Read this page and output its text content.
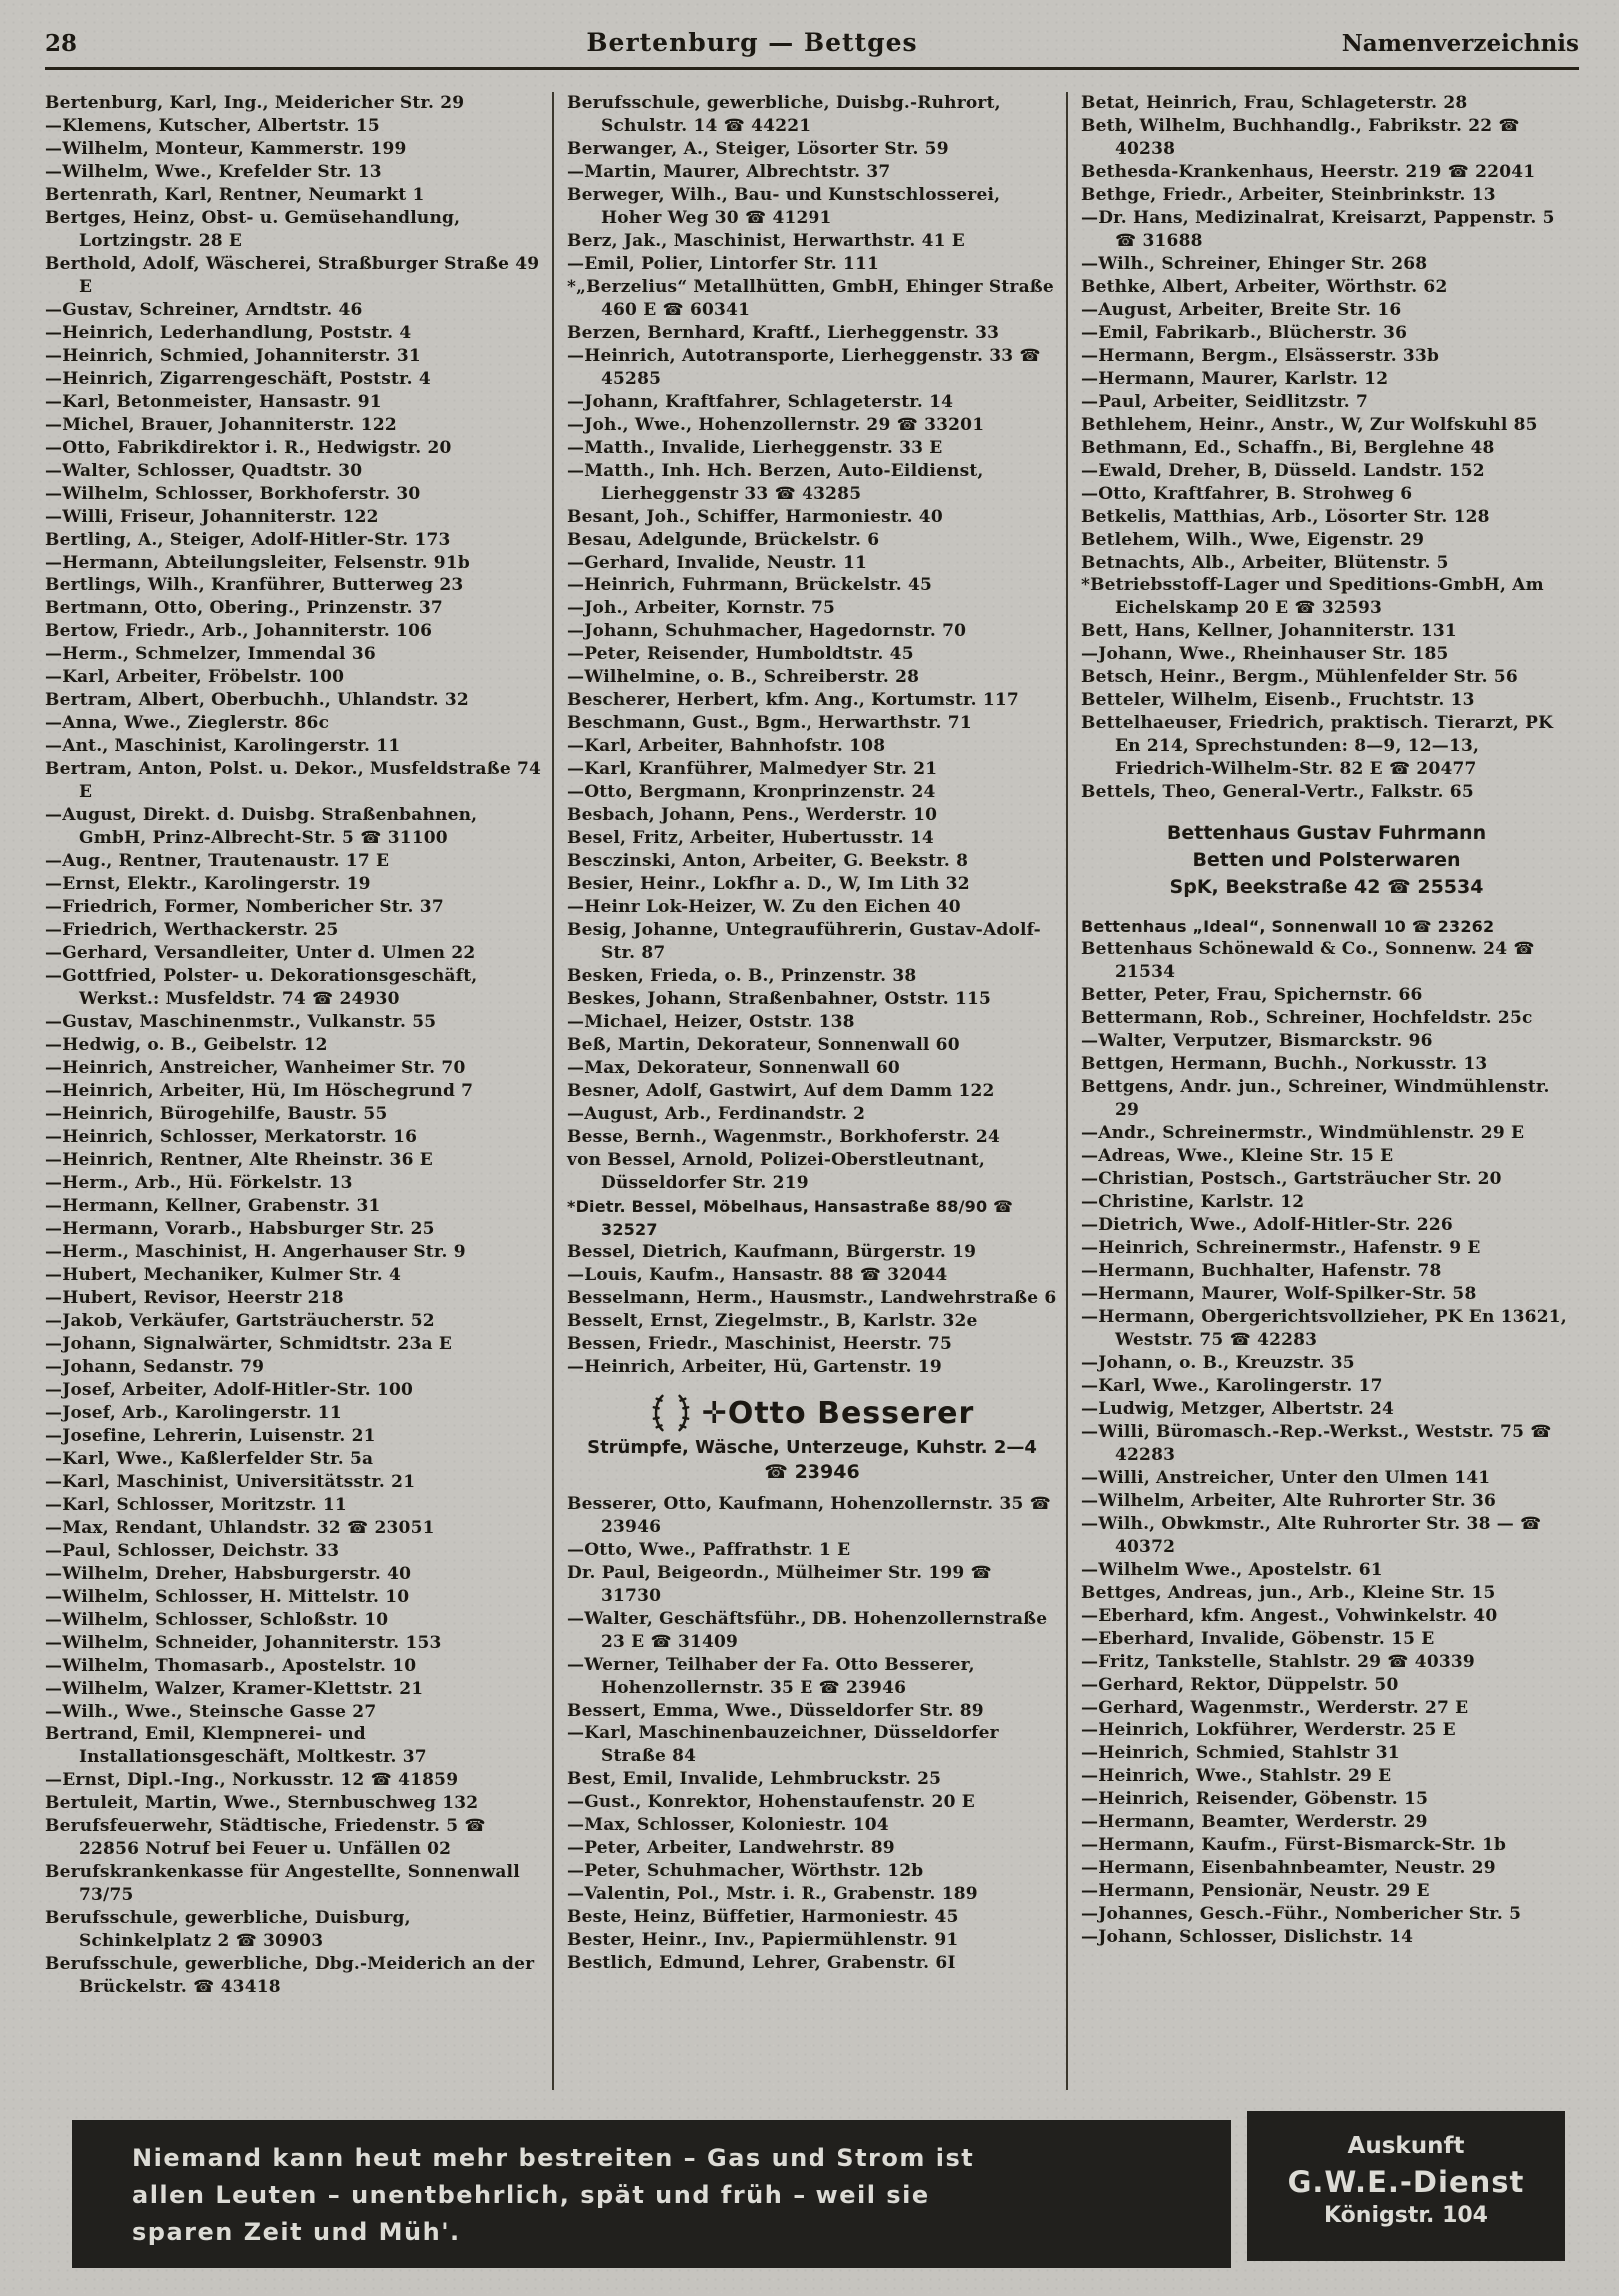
28	Bertenburg — Bettges	Namenverzeichnis
Bertenburg, Karl, Ing., Meidericher Str. 29
—Klemens, Kutscher, Albertstr. 15
—Wilhelm, Monteur, Kammerstr. 199
—Wilhelm, Wwe., Krefelder Str. 13
Bertenrath, Karl, Rentner, Neumarkt 1
Bertges, Heinz, Obst- u. Gemüsehandlung, Lortzingstr. 28 E
Berthold, Adolf, Wäscherei, Straßburger Straße 49 E
—Gustav, Schreiner, Arndtstr. 46
—Heinrich, Lederhandlung, Poststr. 4
—Heinrich, Schmied, Johanniterstr. 31
—Heinrich, Zigarrengeschäft, Poststr. 4
—Karl, Betonmeister, Hansastr. 91
—Michel, Brauer, Johanniterstr. 122
—Otto, Fabrikdirektor i. R., Hedwigstr. 20
—Walter, Schlosser, Quadtstr. 30
—Wilhelm, Schlosser, Borkhoferstr. 30
—Willi, Friseur, Johanniterstr. 122
Bertling, A., Steiger, Adolf-Hitler-Str. 173
—Hermann, Abteilungsleiter, Felsenstr. 91b
Bertlings, Wilh., Kranführer, Butterweg 23
Bertmann, Otto, Obering., Prinzenstr. 37
Bertow, Friedr., Arb., Johanniterstr. 106
—Herm., Schmelzer, Immendal 36
—Karl, Arbeiter, Fröbelstr. 100
Bertram, Albert, Oberbuchh., Uhlandstr. 32
—Anna, Wwe., Zieglerstr. 86c
—Ant., Maschinist, Karolingerstr. 11
Bertram, Anton, Polst. u. Dekor., Musfeldstraße 74 E
—August, Direkt. d. Duisbg. Straßenbahnen, GmbH, Prinz-Albrecht-Str. 5 ☎ 31100
—Aug., Rentner, Trautenaustr. 17 E
—Ernst, Elektr., Karolingerstr. 19
—Friedrich, Former, Nombericher Str. 37
—Friedrich, Werthackerstr. 25
—Gerhard, Versandleiter, Unter d. Ulmen 22
—Gottfried, Polster- u. Dekorationsgeschäft, Werkst.: Musfeldstr. 74 ☎ 24930
—Gustav, Maschinenmstr., Vulkanstr. 55
—Hedwig, o. B., Geibelstr. 12
—Heinrich, Anstreicher, Wanheimer Str. 70
—Heinrich, Arbeiter, Hü, Im Höschegrund 7
—Heinrich, Bürogehilfe, Baustr. 55
—Heinrich, Schlosser, Merkatorstr. 16
—Heinrich, Rentner, Alte Rheinstr. 36 E
—Herm., Arb., Hü. Förkelstr. 13
—Hermann, Kellner, Grabenstr. 31
—Hermann, Vorarb., Habsburger Str. 25
—Herm., Maschinist, H. Angerhauser Str. 9
—Hubert, Mechaniker, Kulmer Str. 4
—Hubert, Revisor, Heerstr 218
—Jakob, Verkäufer, Gartsträucherstr. 52
—Johann, Signalwärter, Schmidtstr. 23a E
—Johann, Sedanstr. 79
—Josef, Arbeiter, Adolf-Hitler-Str. 100
—Josef, Arb., Karolingerstr. 11
—Josefine, Lehrerin, Luisenstr. 21
—Karl, Wwe., Kaßlerfelder Str. 5a
—Karl, Maschinist, Universitätsstr. 21
—Karl, Schlosser, Moritzstr. 11
—Max, Rendant, Uhlandstr. 32 ☎ 23051
—Paul, Schlosser, Deichstr. 33
—Wilhelm, Dreher, Habsburgerstr. 40
—Wilhelm, Schlosser, H. Mittelstr. 10
—Wilhelm, Schlosser, Schloßstr. 10
—Wilhelm, Schneider, Johanniterstr. 153
—Wilhelm, Thomasarb., Apostelstr. 10
—Wilhelm, Walzer, Kramer-Klettstr. 21
—Wilh., Wwe., Steinsche Gasse 27
Bertrand, Emil, Klempnerei- und Installationsgeschäft, Moltkestr. 37
—Ernst, Dipl.-Ing., Norkusstr. 12 ☎ 41859
Bertuleit, Martin, Wwe., Sternbuschweg 132
Berufsfeuerwehr, Städtische, Friedenstr. 5 ☎ 22856 Notruf bei Feuer u. Unfällen 02
Berufskrankenkasse für Angestellte, Sonnenwall 73/75
Berufsschule, gewerbliche, Duisburg, Schinkelplatz 2 ☎ 30903
Berufsschule, gewerbliche, Dbg.-Meiderich an der Brückelstr. ☎ 43418
Berufsschule, gewerbliche, Duisbg.-Ruhrort, Schulstr. 14 ☎ 44221
Berwanger, A., Steiger, Lösorter Str. 59
—Martin, Maurer, Albrechtstr. 37
Berweger, Wilh., Bau- und Kunstschlosserei, Hoher Weg 30 ☎ 41291
Berz, Jak., Maschinist, Herwarthstr. 41 E
—Emil, Polier, Lintorfer Str. 111
*„Berzelius“ Metallhütten, GmbH, Ehinger Straße 460 E ☎ 60341
Berzen, Bernhard, Kraftf., Lierheggenstr. 33
—Heinrich, Autotransporte, Lierheggenstr. 33 ☎ 45285
—Johann, Kraftfahrer, Schlageterstr. 14
—Joh., Wwe., Hohenzollernstr. 29 ☎ 33201
—Matth., Invalide, Lierheggenstr. 33 E
—Matth., Inh. Hch. Berzen, Auto-Eildienst, Lierheggenstr 33 ☎ 43285
Besant, Joh., Schiffer, Harmoniestr. 40
Besau, Adelgunde, Brückelstr. 6
—Gerhard, Invalide, Neustr. 11
—Heinrich, Fuhrmann, Brückelstr. 45
—Joh., Arbeiter, Kornstr. 75
—Johann, Schuhmacher, Hagedornstr. 70
—Peter, Reisender, Humboldtstr. 45
—Wilhelmine, o. B., Schreiberstr. 28
Bescherer, Herbert, kfm. Ang., Kortumstr. 117
Beschmann, Gust., Bgm., Herwarthstr. 71
—Karl, Arbeiter, Bahnhofstr. 108
—Karl, Kranführer, Malmedyer Str. 21
—Otto, Bergmann, Kronprinzenstr. 24
Besbach, Johann, Pens., Werderstr. 10
Besel, Fritz, Arbeiter, Hubertusstr. 14
Besczinski, Anton, Arbeiter, G. Beekstr. 8
Besier, Heinr., Lokfhr a. D., W, Im Lith 32
—Heinr Lok-Heizer, W. Zu den Eichen 40
Besig, Johanne, Untegrauführerin, Gustav-Adolf-Str. 87
Besken, Frieda, o. B., Prinzenstr. 38
Beskes, Johann, Straßenbahner, Oststr. 115
—Michael, Heizer, Oststr. 138
Beß, Martin, Dekorateur, Sonnenwall 60
—Max, Dekorateur, Sonnenwall 60
Besner, Adolf, Gastwirt, Auf dem Damm 122
—August, Arb., Ferdinandstr. 2
Besse, Bernh., Wagenmstr., Borkhoferstr. 24
von Bessel, Arnold, Polizei-Oberstleutnant, Düsseldorfer Str. 219
*Dietr. Bessel, Möbelhaus, Hansastraße 88/90 ☎ 32527
Bessel, Dietrich, Kaufmann, Bürgerstr. 19
—Louis, Kaufm., Hansastr. 88 ☎ 32044
Besselmann, Herm., Hausmstr., Landwehrstraße 6
Besselt, Ernst, Ziegelmstr., B, Karlstr. 32e
Bessen, Friedr., Maschinist, Heerstr. 75
—Heinrich, Arbeiter, Hü, Gartenstr. 19
✛Otto Besserer
Strümpfe, Wäsche, Unterzeuge, Kuhstr. 2—4
☎ 23946
Besserer, Otto, Kaufmann, Hohenzollernstr. 35 ☎ 23946
—Otto, Wwe., Paffrathstr. 1 E
Dr. Paul, Beigeordn., Mülheimer Str. 199 ☎ 31730
—Walter, Geschäftsführ., DB. Hohenzollernstraße 23 E ☎ 31409
—Werner, Teilhaber der Fa. Otto Besserer, Hohenzollernstr. 35 E ☎ 23946
Bessert, Emma, Wwe., Düsseldorfer Str. 89
—Karl, Maschinenbauzeichner, Düsseldorfer Straße 84
Best, Emil, Invalide, Lehmbruckstr. 25
—Gust., Konrektor, Hohenstaufenstr. 20 E
—Max, Schlosser, Koloniestr. 104
—Peter, Arbeiter, Landwehrstr. 89
—Peter, Schuhmacher, Wörthstr. 12b
—Valentin, Pol., Mstr. i. R., Grabenstr. 189
Beste, Heinz, Büffetier, Harmoniestr. 45
Bester, Heinr., Inv., Papiermühlenstr. 91
Bestlich, Edmund, Lehrer, Grabenstr. 6I
Betat, Heinrich, Frau, Schlageterstr. 28
Beth, Wilhelm, Buchhandlg., Fabrikstr. 22 ☎ 40238
Bethesda-Krankenhaus, Heerstr. 219 ☎ 22041
Bethge, Friedr., Arbeiter, Steinbrinkstr. 13
—Dr. Hans, Medizinalrat, Kreisarzt, Pappenstr. 5 ☎ 31688
—Wilh., Schreiner, Ehinger Str. 268
Bethke, Albert, Arbeiter, Wörthstr. 62
—August, Arbeiter, Breite Str. 16
—Emil, Fabrikarb., Blücherstr. 36
—Hermann, Bergm., Elsässerstr. 33b
—Hermann, Maurer, Karlstr. 12
—Paul, Arbeiter, Seidlitzstr. 7
Bethlehem, Heinr., Anstr., W, Zur Wolfskuhl 85
Bethmann, Ed., Schaffn., Bi, Berglehne 48
—Ewald, Dreher, B, Düsseld. Landstr. 152
—Otto, Kraftfahrer, B. Strohweg 6
Betkelis, Matthias, Arb., Lösorter Str. 128
Betlehem, Wilh., Wwe, Eigenstr. 29
Betnachts, Alb., Arbeiter, Blütenstr. 5
*Betriebsstoff-Lager und Speditions-GmbH, Am Eichelskamp 20 E ☎ 32593
Bett, Hans, Kellner, Johanniterstr. 131
—Johann, Wwe., Rheinhauser Str. 185
Betsch, Heinr., Bergm., Mühlenfelder Str. 56
Betteler, Wilhelm, Eisenb., Fruchtstr. 13
Bettelhaeuser, Friedrich, praktisch. Tierarzt, PK En 214, Sprechstunden: 8—9, 12—13, Friedrich-Wilhelm-Str. 82 E ☎ 20477
Bettels, Theo, General-Vertr., Falkstr. 65
Bettenhaus Gustav Fuhrmann
Betten und Polsterwaren
SpK, Beekstraße 42 ☎ 25534
Bettenhaus „Ideal“, Sonnenwall 10 ☎ 23262
Bettenhaus Schönewald & Co., Sonnenw. 24 ☎ 21534
Better, Peter, Frau, Spichernstr. 66
Bettermann, Rob., Schreiner, Hochfeldstr. 25c
—Walter, Verputzer, Bismarckstr. 96
Bettgen, Hermann, Buchh., Norkusstr. 13
Bettgens, Andr. jun., Schreiner, Windmühlenstr. 29
—Andr., Schreinermstr., Windmühlenstr. 29 E
—Adreas, Wwe., Kleine Str. 15 E
—Christian, Postsch., Gartsträucher Str. 20
—Christine, Karlstr. 12
—Dietrich, Wwe., Adolf-Hitler-Str. 226
—Heinrich, Schreinermstr., Hafenstr. 9 E
—Hermann, Buchhalter, Hafenstr. 78
—Hermann, Maurer, Wolf-Spilker-Str. 58
—Hermann, Obergerichtsvollzieher, PK En 13621, Weststr. 75 ☎ 42283
—Johann, o. B., Kreuzstr. 35
—Karl, Wwe., Karolingerstr. 17
—Ludwig, Metzger, Albertstr. 24
—Willi, Büromasch.-Rep.-Werkst., Weststr. 75 ☎ 42283
—Willi, Anstreicher, Unter den Ulmen 141
—Wilhelm, Arbeiter, Alte Ruhrorter Str. 36
—Wilh., Obwkmstr., Alte Ruhrorter Str. 38 — ☎ 40372
—Wilhelm Wwe., Apostelstr. 61
Bettges, Andreas, jun., Arb., Kleine Str. 15
—Eberhard, kfm. Angest., Vohwinkelstr. 40
—Eberhard, Invalide, Göbenstr. 15 E
—Fritz, Tankstelle, Stahlstr. 29 ☎ 40339
—Gerhard, Rektor, Düppelstr. 50
—Gerhard, Wagenmstr., Werderstr. 27 E
—Heinrich, Lokführer, Werderstr. 25 E
—Heinrich, Schmied, Stahlstr 31
—Heinrich, Wwe., Stahlstr. 29 E
—Heinrich, Reisender, Göbenstr. 15
—Hermann, Beamter, Werderstr. 29
—Hermann, Kaufm., Fürst-Bismarck-Str. 1b
—Hermann, Eisenbahnbeamter, Neustr. 29
—Hermann, Pensionär, Neustr. 29 E
—Johannes, Gesch.-Führ., Nombericher Str. 5
—Johann, Schlosser, Dislichstr. 14
Niemand kann heut mehr bestreiten – Gas und Strom ist
allen Leuten – unentbehrlich, spät und früh – weil sie
sparen Zeit und Müh'.
Auskunft
G.W.E.-Dienst
Königstr. 104
